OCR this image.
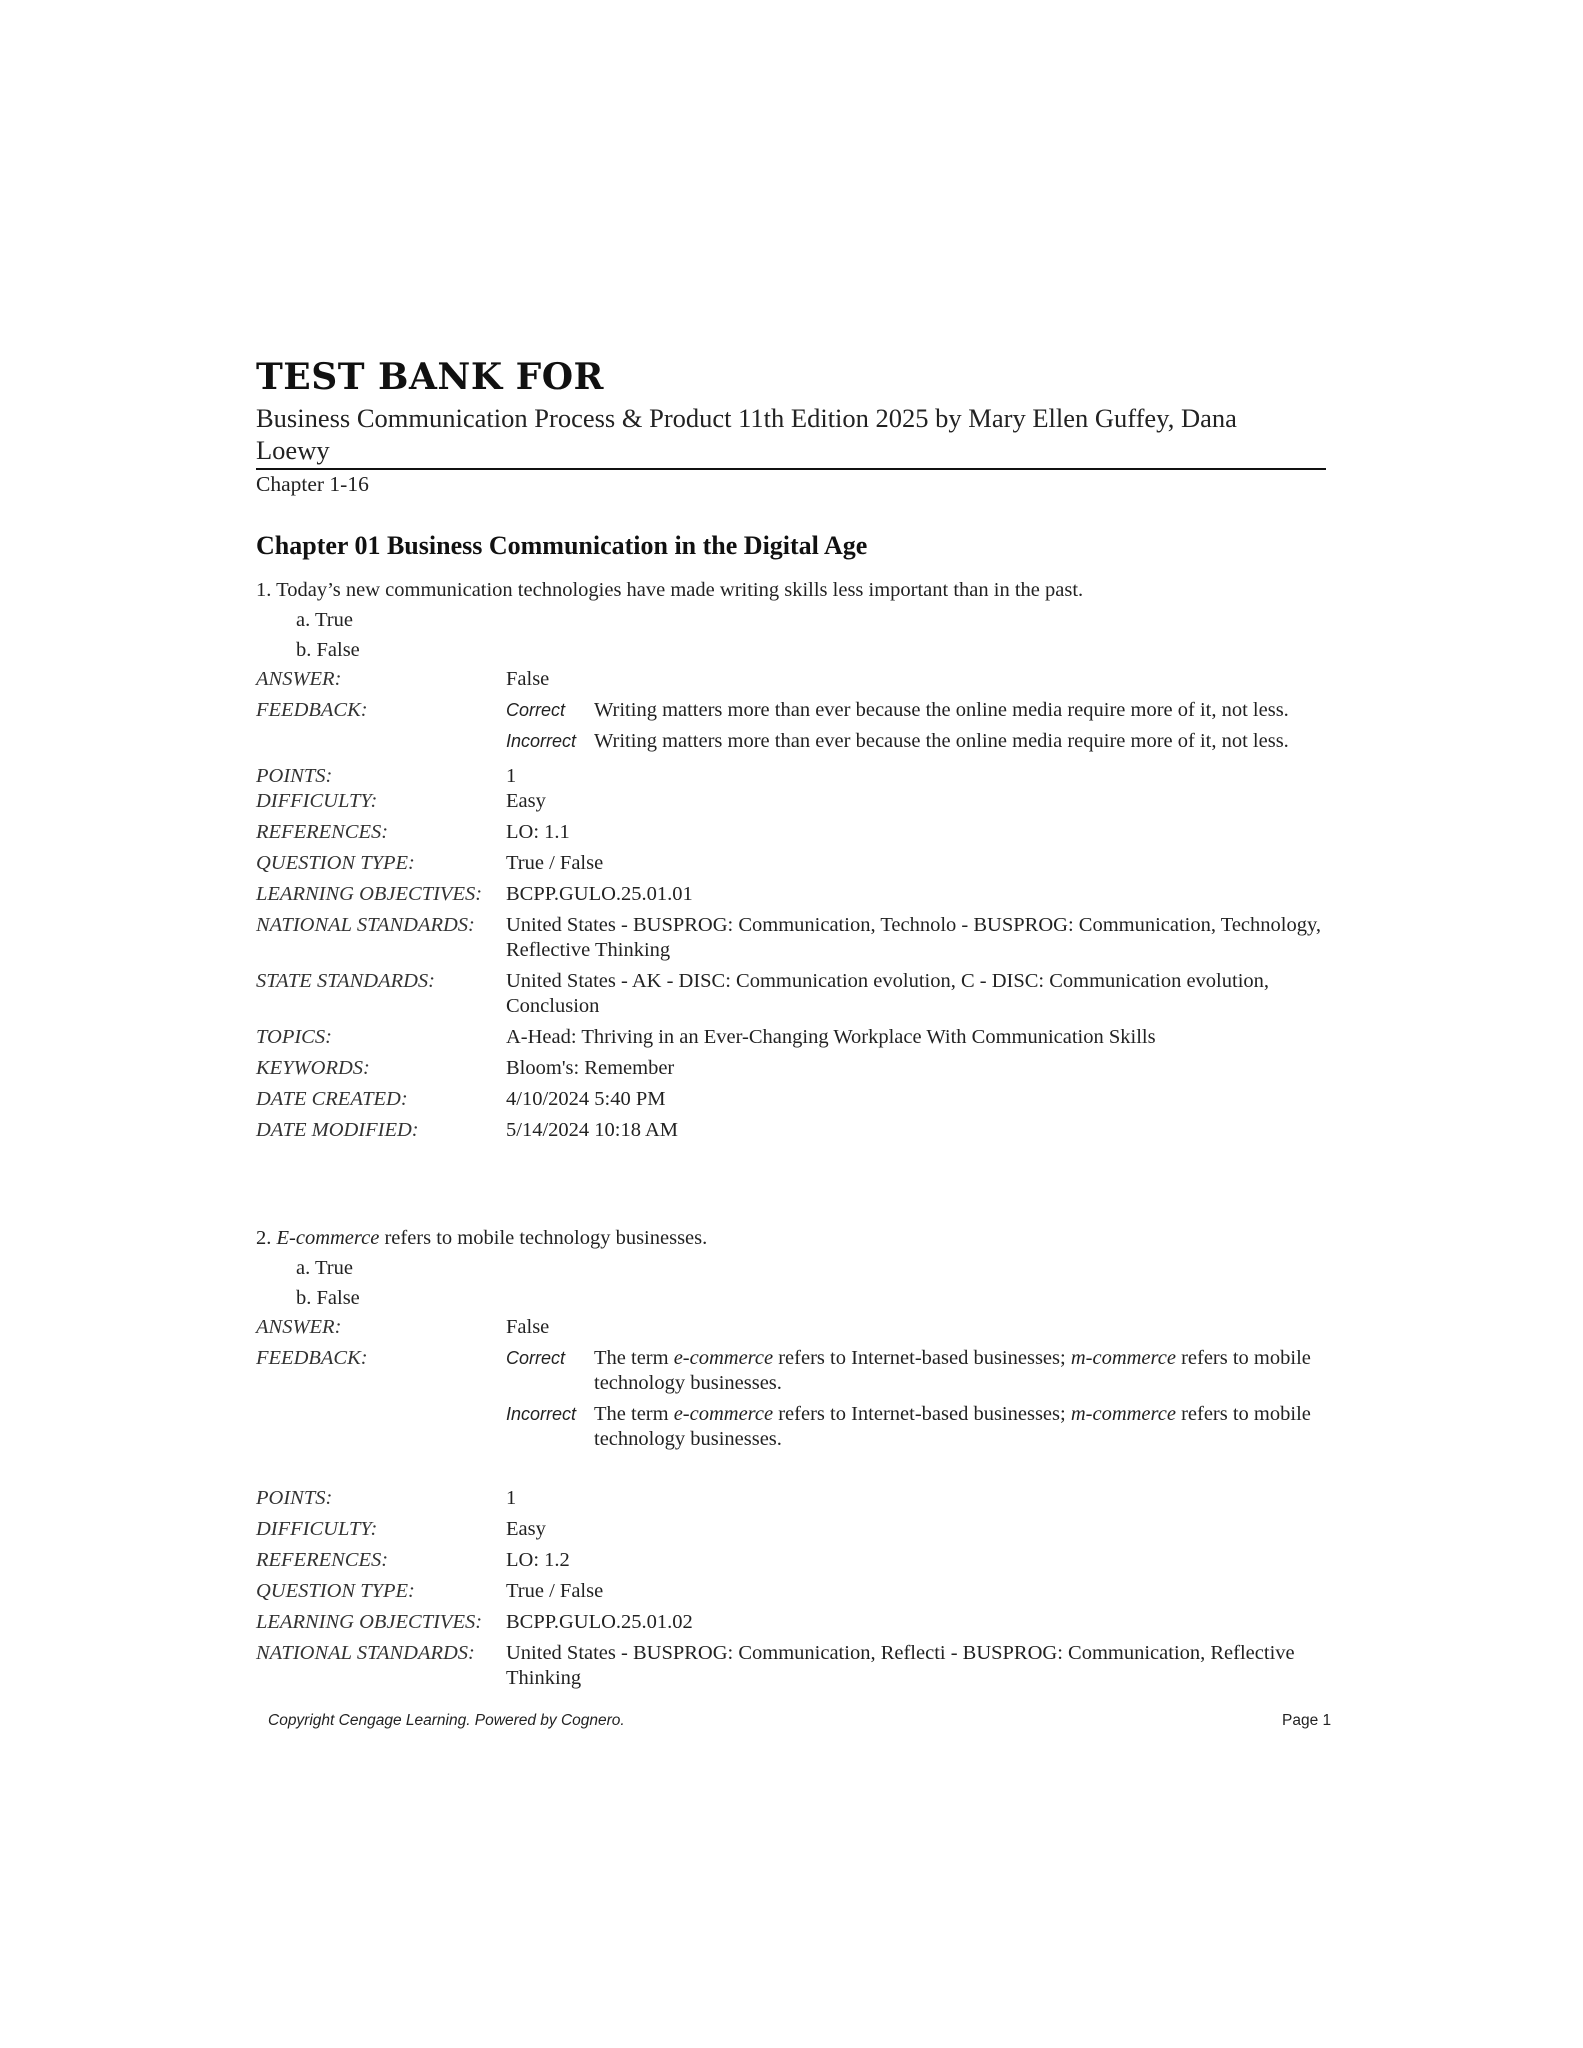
TEST BANK FOR
Business Communication Process & Product 11th Edition 2025 by Mary Ellen Guffey, Dana Loewy
Chapter 1-16
Chapter 01 Business Communication in the Digital Age
1. Today’s new communication technologies have made writing skills less important than in the past.
a. True
b. False
ANSWER:	False
FEEDBACK:	Correct	Writing matters more than ever because the online media require more of it, not less.
Incorrect Writing matters more than ever because the online media require more of it, not less.
POINTS:	1
DIFFICULTY:	Easy
REFERENCES:	LO: 1.1
QUESTION TYPE:	True / False
LEARNING OBJECTIVES:	BCPP.GULO.25.01.01
NATIONAL STANDARDS:	United States - BUSPROG: Communication, Technolo - BUSPROG: Communication, Technology, Reflective Thinking
STATE STANDARDS:	United States - AK - DISC: Communication evolution, C - DISC: Communication evolution, Conclusion
TOPICS:	A-Head: Thriving in an Ever-Changing Workplace With Communication Skills
KEYWORDS:	Bloom's: Remember
DATE CREATED:	4/10/2024 5:40 PM
DATE MODIFIED:	5/14/2024 10:18 AM
2. E-commerce refers to mobile technology businesses.
a. True
b. False
ANSWER:	False
FEEDBACK:	Correct	The term e-commerce refers to Internet-based businesses; m-commerce refers to mobile technology businesses.
Incorrect The term e-commerce refers to Internet-based businesses; m-commerce refers to mobile technology businesses.
POINTS:	1
DIFFICULTY:	Easy
REFERENCES:	LO: 1.2
QUESTION TYPE:	True / False
LEARNING OBJECTIVES:	BCPP.GULO.25.01.02
NATIONAL STANDARDS:	United States - BUSPROG: Communication, Reflecti - BUSPROG: Communication, Reflective Thinking
Copyright Cengage Learning. Powered by Cognero.	Page 1
